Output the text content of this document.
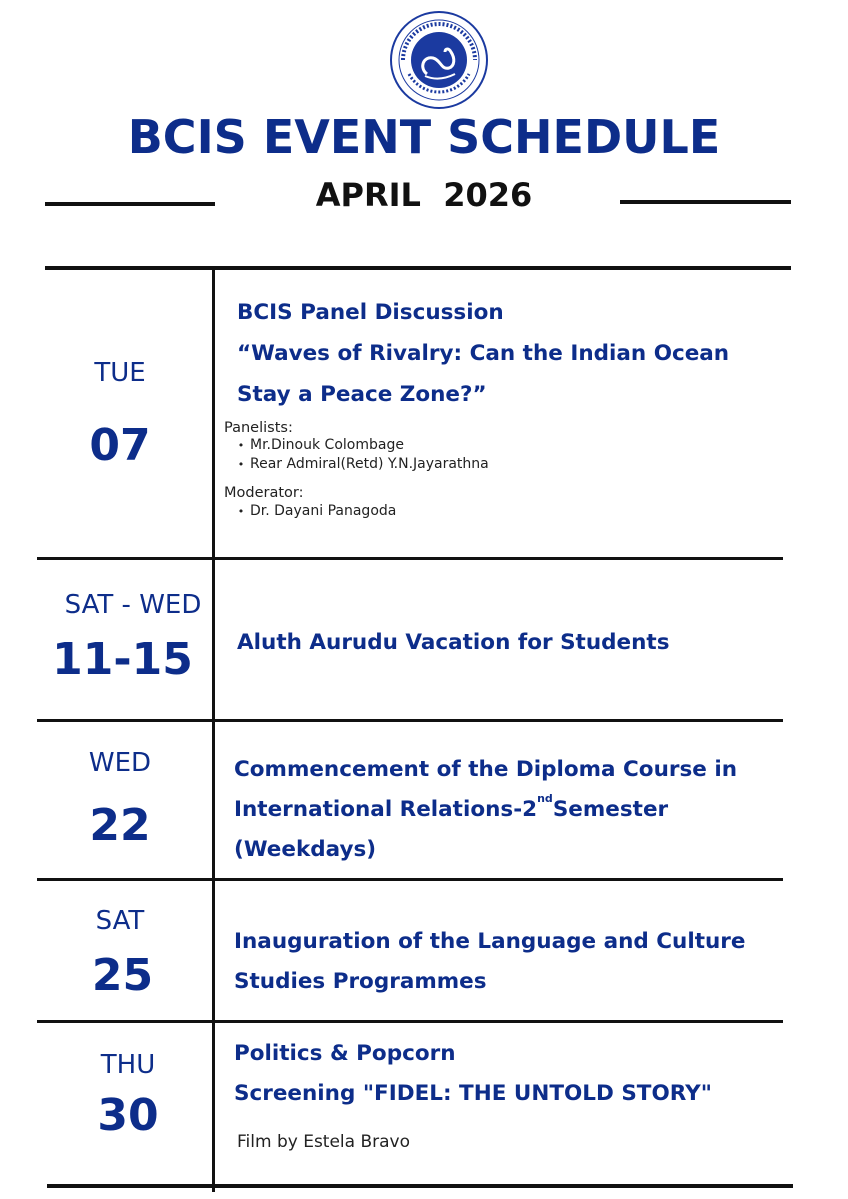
BCIS EVENT SCHEDULE
APRIL  2026
TUE
07
BCIS Panel Discussion
“Waves of Rivalry: Can the Indian Ocean
Stay a Peace Zone?”
Panelists:
• Mr.Dinouk Colombage
• Rear Admiral(Retd) Y.N.Jayarathna
Moderator:
• Dr. Dayani Panagoda
SAT - WED
11-15	Aluth Aurudu Vacation for Students
WED
22
Commencement of the Diploma Course in
International Relations-2ndSemester
(Weekdays)
SAT
25
Inauguration of the Language and Culture
Studies Programmes
THU
30
Politics & Popcorn
Screening "FIDEL: THE UNTOLD STORY"
Film by Estela Bravo
